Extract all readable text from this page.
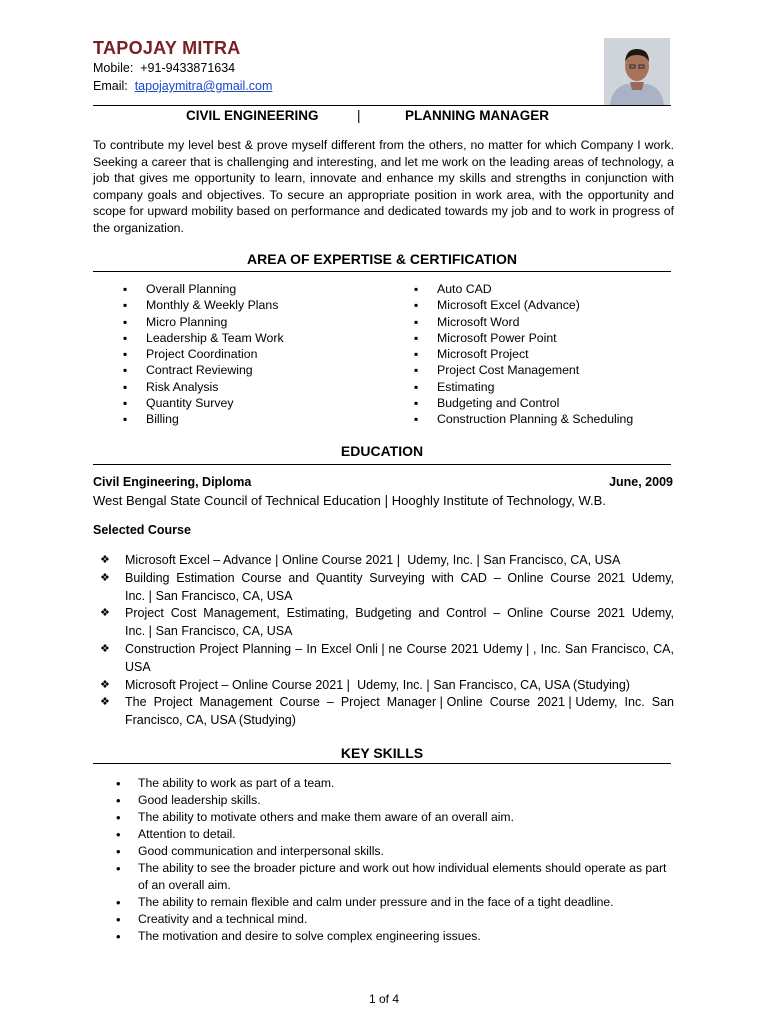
TAPOJAY MITRA
Mobile: +91-9433871634
Email: tapojaymitra@gmail.com
CIVIL ENGINEERING	|	PLANNING MANAGER
To contribute my level best & prove myself different from the others, no matter for which Company I work. Seeking a career that is challenging and interesting, and let me work on the leading areas of technology, a job that gives me opportunity to learn, innovate and enhance my skills and strengths in conjunction with company goals and objectives. To secure an appropriate position in work area, with the opportunity and scope for upward mobility based on performance and dedicated towards my job and to work in progress of the organization.
AREA OF EXPERTISE & CERTIFICATION
▪ Overall Planning
▪ Monthly & Weekly Plans
▪ Micro Planning
▪ Leadership & Team Work
▪ Project Coordination
▪ Contract Reviewing
▪ Risk Analysis
▪ Quantity Survey
▪ Billing
▪ Auto CAD
▪ Microsoft Excel (Advance)
▪ Microsoft Word
▪ Microsoft Power Point
▪ Microsoft Project
▪ Project Cost Management
▪ Estimating
▪ Budgeting and Control
▪ Construction Planning & Scheduling
EDUCATION
Civil Engineering, Diploma	June, 2009
West Bengal State Council of Technical Education❘Hooghly Institute of Technology, W.B.
Selected Course
❖ Microsoft Excel – Advance❘Online Course 2021❘ Udemy, Inc.❘San Francisco, CA, USA
❖ Building Estimation Course and Quantity Surveying with CAD – Online Course 2021 Udemy, Inc.❘San Francisco, CA, USA
❖ Project Cost Management, Estimating, Budgeting and Control – Online Course 2021 Udemy, Inc.❘San Francisco, CA, USA
❖ Construction Project Planning – In Excel Onli❘ne Course 2021 Udemy❘, Inc. San Francisco, CA, USA
❖ Microsoft Project – Online Course 2021❘ Udemy, Inc.❘San Francisco, CA, USA (Studying)
❖ The Project Management Course – Project Manager❘Online Course 2021❘Udemy, Inc. San Francisco, CA, USA (Studying)
KEY SKILLS
• The ability to work as part of a team.
• Good leadership skills.
• The ability to motivate others and make them aware of an overall aim.
• Attention to detail.
• Good communication and interpersonal skills.
• The ability to see the broader picture and work out how individual elements should operate as part of an overall aim.
• The ability to remain flexible and calm under pressure and in the face of a tight deadline.
• Creativity and a technical mind.
• The motivation and desire to solve complex engineering issues.
1 of 4
